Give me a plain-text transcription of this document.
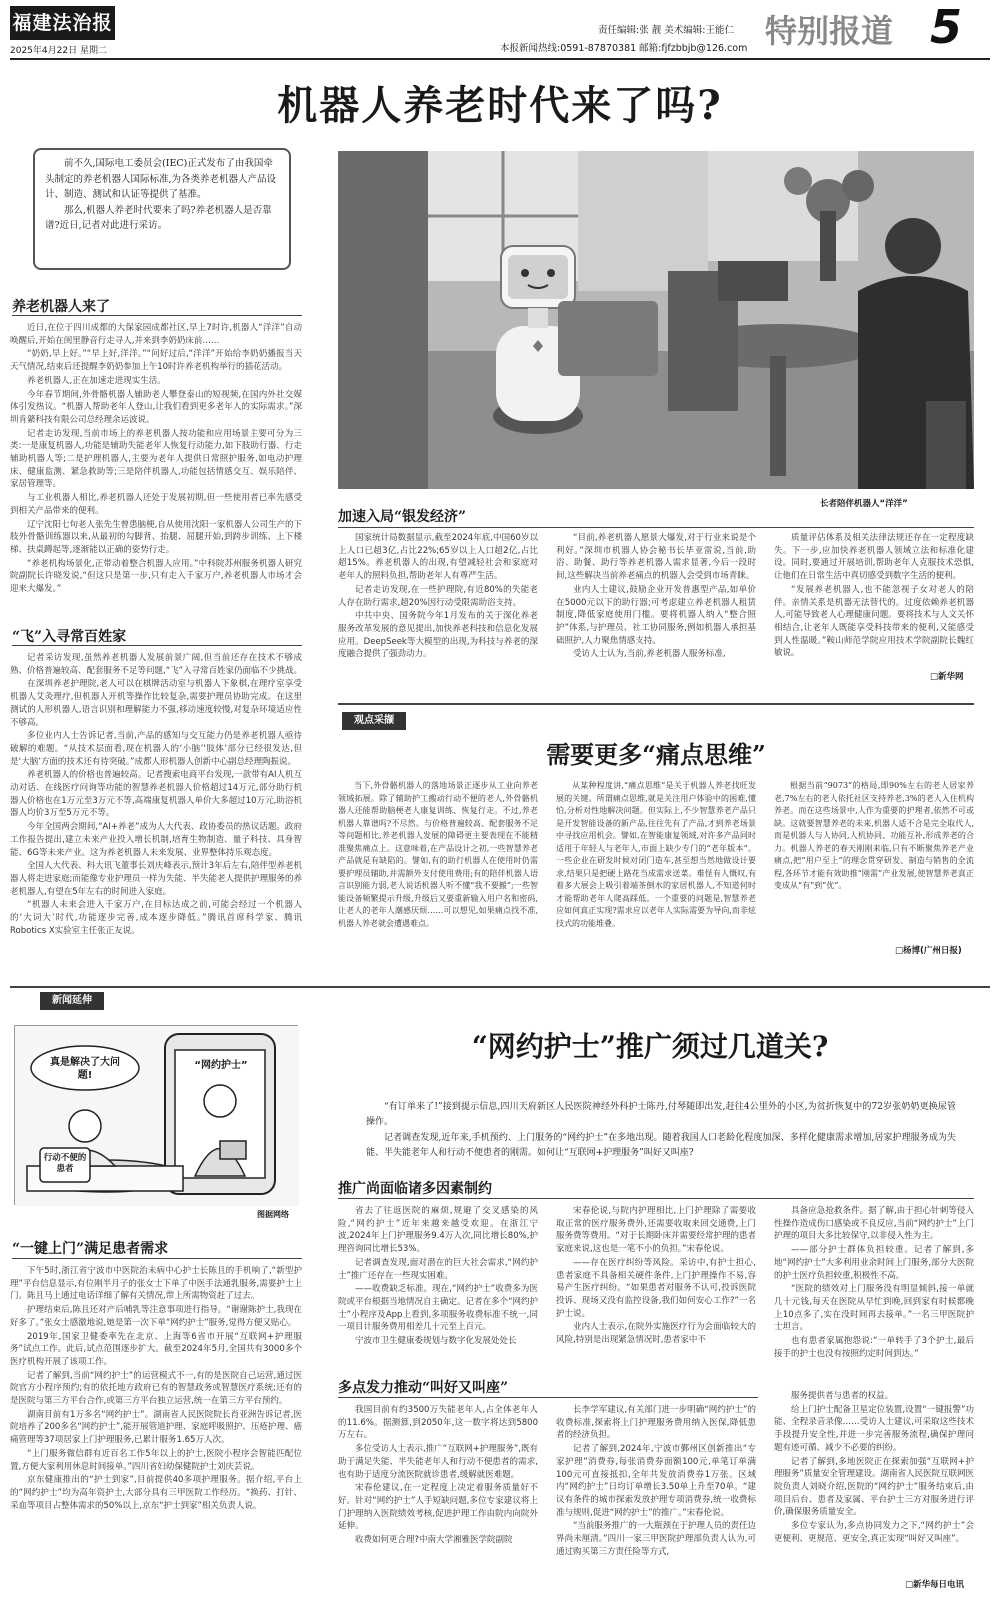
福建法治报
2025年4月22日 星期二
责任编辑:张 靓 美术编辑:王能仁
本报新闻热线:0591-87870381 邮箱:fjfzbbjb@126.com 特别报道 5
机器人养老时代来了吗?

前不久,国际电工委员会(IEC)正式发布了由我国牵头制定的养老机器人国际标准,为各类养老机器人产品设计、制造、测试和认证等提供了基准。

那么,机器人养老时代要来了吗?养老机器人是否靠谱?近日,记者对此进行采访。

长者陪伴机器人“洋洋”
养老机器人来了

近日,在位于四川成都的大保家园成都社区,早上7时许,机器人“洋洋”自动唤醒后,开始在闺里静音行走寻人,并来到李奶奶床前……

“奶奶,早上好。”“早上好,洋洋。”“问好过后,“洋洋”开始给李奶奶播报当天天气情况,结束后还提醒李奶奶参加上午10时许养老机构举行的插花活动。

养老机器人,正在加速走进现实生活。

今年春节期间,外骨骼机器人辅助老人攀登泰山的短视频,在国内外社交媒体引发热议。“机器人帮助老年人登山,让我们看到更多老年人的实际需求。”深圳肯綮科技有限公司总经理余运波说。

记者走访发现,当前市场上的养老机器人按功能和应用场景主要可分为三类:一是康复机器人,功能是辅助失能老年人恢复行动能力,如下肢助行器、行走辅助机器人等;二是护理机器人,主要为老年人提供日常照护服务,如电动护理床、健康监测、紧急救助等;三是陪伴机器人,功能包括情感交互、娱乐陪伴、家居管理等。

与工业机器人相比,养老机器人还处于发展初期,但一些使用者已率先感受到相关产品带来的便利。

辽宁沈阳七旬老人张先生曾患脑梗,自从使用沈阳一家机器人公司生产的下肢外骨骼训练器以来,从最初的勾脚背、抬腿、屈腿开始,到跨步训练、上下楼梯、扶桌蹲起等,逐渐能以正确的姿势行走。

“养老机构场景化,正带动着整合机器人应用。”中科院苏州服务机器人研究院副院长许晓发说,“但这只是第一步,只有走入千家万户,养老机器人市场才会迎来大爆发。”

“飞”入寻常百姓家

记者采访发现,虽然养老机器人发展前景广阔,但当前还存在技术不够成熟、价格普遍较高、配套服务不足等问题,“飞”入寻常百姓家仍面临不少挑战。

在深圳养老护理院,老人可以在棋牌活动室与机器人下象棋,在理疗室享受机器人艾灸理疗,但机器人开机等操作比较复杂,需要护理员协助完成。在这里测试的人形机器人,语言识别和理解能力不强,移动速度较慢,对复杂环境适应性不够高。

多位业内人士告诉记者,当前,产品的感知与交互能力仍是养老机器人亟待破解的难题。“从技术层面看,现在机器人的‘小脑’‘肢体’部分已经很发达,但是‘大脑’方面的技术还有待突破。”成都人形机器人创新中心副总经理陶振说。

养老机器人的价格也普遍较高。记者搜索电商平台发现,一款带有AI人机互动对话、在线医疗问询等功能的智慧养老机器人价格超过14万元,部分助行机器人价格也在1万元至3万元不等,高端康复机器人单价大多超过10万元,助浴机器人均价3万至5万元不等。

今年全国两会期间,“AI+养老”成为人大代表、政协委员的热议话题。政府工作报告提出,建立未来产业投入增长机制,培育生物制造、量子科技、具身智能、6G等未来产业。这为养老机器人未来发展、业界整体持乐观态度。

全国人大代表、科大讯飞董事长刘庆峰表示,预计3年后左右,陪伴型养老机器人将走进家庭;而能像专业护理员一样为失能、半失能老人提供护理服务的养老机器人,有望在5年左右的时间进入家庭。

“机器人未来会进入千家万户,在目标达成之前,可能会经过一个机器人的‘大词大’时代,功能逐步完善,成本逐步降低。”腾讯首席科学家、腾讯Robotics X实验室主任张正友说。

加速入局“银发经济”

国家统计局数据显示,截至2024年底,中国60岁以上人口已超3亿,占比22%;65岁以上人口超2亿,占比超15%。养老机器人的出现,有望减轻社会和家庭对老年人的照料负担,帮助老年人有尊严生活。

记者走访发现,在一些护理院,有近80%的失能老人存在助行需求,超20%因行动受限需助浴支持。

中共中央、国务院今年1月发布的关于深化养老服务改革发展的意见提出,加快养老科技和信息化发展应用。DeepSeek等大模型的出现,为科技与养老的深度融合提供了强劲动力。

“目前,养老机器人愿景大爆发,对于行业来说是个利好。”深圳市机器人协会秘书长毕亚雷说,当前,助浴、助餐、助行等养老机器人需求显著,今后一段时间,这些解决当前养老痛点的机器人会受到市场青睐。

业内人士建议,鼓励企业开发普惠型产品,如单价在5000元以下的助行器;可考虑建立养老机器人租赁制度,降低家庭使用门槛。要将机器人纳入“整合照护”体系,与护理员、社工协同服务,例如机器人承担基础照护,人力聚焦情感支持。

受访人士认为,当前,养老机器人服务标准,

质量评估体系及相关法律法规还存在一定程度缺失。下一步,应加快养老机器人领域立法和标准化建设。同时,要通过开展培训,帮助老年人克服技术恐惧,让他们在日常生活中真切感受到数字生活的便利。

“发展养老机器人,也不能忽视子女对老人的陪伴。亲情关系是机器无法替代的。过度依赖养老机器人,可能导致老人心理健康问题。要将技术与人文关怀相结合,让老年人既能享受科技带来的便利,又能感受到人性温暖。”鞍山师范学院应用技术学院副院长魏红敏说。

□新华网
观点采撷
需要更多“痛点思维”

当下,外骨骼机器人的落地场景正逐步从工业向养老领域拓展。除了辅助护工搬动行动不便的老人,外骨骼机器人还能帮助脑梗老人康复训练、恢复行走。不过,养老机器人靠谱吗?不尽然。与价格普遍较高、配套服务不足等问题相比,养老机器人发展的障碍更主要表现在不能精准聚焦痛点上。这意味着,在产品设计之初,一些智慧养老产品就是有缺陷的。譬如,有的助行机器人在使用时仍需要护理员辅助,并需额外支付使用费用;有的陪伴机器人语言识别能力弱,老人说话机器人听不懂“我不要搬”;一些智能设备频繁提示升级,升级后又要重新输入用户名和密码,让老人的老年人潮感厌烦……可以想见,如果痛点找不准,机器人养老就会遭遇难点。

从某种程度讲,“痛点思维”是关于机器人养老找旺发展的关键。所谓痛点思维,就是关注用户体验中的困难,懂怕,分析对性地解决问题。但实际上,不少智慧养老产品只是开发智能设备的新产品,往往先有了产品,才到养老场景中寻找应用机会。譬如,在智能康复领域,对许多产品同时适用于年轻人与老年人,市面上缺少专门的“老年版本”。一些企业在研发时候对闭门造车,甚至想当然地做设计要求,结果只是把硬上路花当成需求送菜。难怪有人慨叹,有着多大展会上吸引着端茶倒水的家居机器人,不知道何时才能帮助老年人爬高踩低。一个重要的问题是,智慧养老应如何真正实现?需求应以老年人实际需要为导向,而非炫技式的功能堆叠。

根据当前“9073”的格局,即90%左右的老人居家养老,7%左右的老人依托社区支持养老,3%的老人入住机构养老。而在这些场景中,人作为重要的护理者,依然不可或缺。这就要智慧养老的未来,机器人适不合是完全取代人,而是机器人与人协同,人机协同、功能互补,形成养老的合力。机器人养老的春天刚刚来临,只有不断聚焦养老产业痛点,把“用户至上”的理念贯穿研发、制造与销售的全流程,各环节才能有效助推“刚需”产业发展,使智慧养老真正变成从“有”到“优”。

□杨博(广州日报)
新闻延伸
真是解决了大问题!
“网约护士”
行动不便的患者
图据网络
“网约护士”推广须过几道关?

“有订单来了!”接到提示信息,四川天府新区人民医院神经外科护士陈丹,付琴随即出发,赶往4公里外的小区,为贫折恢复中的72岁张奶奶更换尿管操作。

记者调查发现,近年来,手机预约、上门服务的“网约护士”在多地出现。随着我国人口老龄化程度加深、多样化健康需求增加,居家护理服务成为失能、半失能老年人和行动不便患者的刚需。如何让“互联网+护理服务”叫好又叫座?

“一键上门”满足患者需求

下午5时,浙江省宁波市中医院治未病中心护士长陈且的手机响了,“新型护理”平台信息显示,有位刚半月子的张女士下单了中医手法通乳服务,需要护士上门。陈且马上通过电话详细了解有关情况,带上所需物资赶了过去。

护理结束后,陈且还对产后哺乳等注意事项进行指导。“谢谢陈护士,我现在好多了。”张女士感激地说,她是第一次下单“网约护士”服务,觉得方便又贴心。

2019年,国家卫健委率先在北京、上海等6省市开展“互联网+护理服务”试点工作。此后,试点范围逐步扩大。截至2024年5月,全国共有3000多个医疗机构开展了该项工作。

记者了解到,当前“网约护士”的运营模式不一,有的是医院自己运营,通过医院官方小程序预约;有的依托地方政府已有的智慧政务或智慧医疗系统;还有的是医院与第三方平台合作,或第三方平台独立运营,统一在第三方平台预约。

湖南目前有1万多名“网约护士”。湖南省人民医院院长肖亚洲告诉记者,医院培养了200多名“网约护士”,能开展管道护理、家庭呼吸照护、压疮护理、癌痛管理等37项居家上门护理服务,已累计服务1.65万人次。

“上门服务微信群有近百名工作5年以上的护士,医院小程序会智能匹配位置,方便大家利用休息时间接单。”四川省妇幼保健院护士刘庆芸说。

京东健康推出的“护士到家”,目前提供40多项护理服务。据介绍,平台上的“网约护士”均为高年资护士,大部分具有三甲医院工作经历。“换药、打针、采血等项目占整体需求的50%以上,京东“护士到家”相关负责人说。

推广尚面临诸多因素制约

省去了往返医院的麻烦,规避了交叉感染的风险,“网约护士”近年来越来越受欢迎。在浙江宁波,2024年上门护理服务9.4万人次,同比增长80%,护理咨询同比增长53%。

记者调查发现,面对潜在的巨大社会需求,“网约护士”推广还存在一些现实困难。

——收费缺乏标准。现在,“网约护士”收费多为医院或平台根据当地情况自主确定。记者在多个“网约护士”小程序及App上看到,多项服务收费标准不统一,同一项目计服务费用相差几十元至上百元。

宁波市卫生健康委规划与数字化发展处处长

宋春伦说,与院内护理相比,上门护理除了需要收取正常的医疗服务费外,还需要收取来回交通费,上门服务费等费用。“对于长期卧床并需要经常护理的患者家庭来说,这也是一笔不小的负担。”宋春伦说。

——存在医疗纠纷等风险。采访中,有护士担心,患者家庭不具备相关硬件条件,上门护理操作不易,容易产生医疗纠纷。“如果患者对服务不认可,投诉医院投诉、现场又没有监控设备,我们如何安心工作?”一名护士说。

业内人士表示,在院外实施医疗行为会面临较大的风险,特别是出现紧急情况时,患者家中不

具备应急抢救条件。据了解,由于担心针刺等侵入性操作造成伤口感染或不良反应,当前“网约护士”上门护理的项目大多比较保守,以非侵入性为主。

——部分护士群体负担较重。记者了解到,多地“网约护士”大多利用业余时间上门服务,部分大医院的护士医疗负担较重,积极性不高。

“医院的绩效对上门服务没有明显倾斜,接一单就几十元钱,每天在医院从早忙到晚,回到家有时候都晚上10点多了,实在没时间再去接单。”一名三甲医院护士坦言。

也有患者家属抱怨说:“一单转手了3个护士,最后接手的护士也没有按照约定时间到达。”

多点发力推动“叫好又叫座”

我国目前有约3500万失能老年人,占全体老年人的11.6%。据测算,到2050年,这一数字将达到5800万左右。

多位受访人士表示,推广“互联网+护理服务”,既有助于满足失能、半失能老年人和行动不便患者的需求,也有助于适度分流医院就诊患者,缓解就医难题。

宋春伦建议,在一定程度上决定着服务质量好不好。针对“网约护士”人手短缺问题,多位专家建议将上门护理纳入医院绩效考核,促进护理工作由院内向院外延伸。

收费如何更合理?中南大学湘雅医学院副院

长李学军建议,有关部门进一步明确“网约护士”的收费标准,探索将上门护理服务费用纳入医保,降低患者的经济负担。

记者了解到,2024年,宁波市鄞州区创新推出“专家护理”消费券,每张消费券面额100元,单笔订单满100元可直接抵扣,全年共发放消费券1万张。区域内“网约护士”日均订单增长3.50单上升至70单。“建议有条件的城市探索发放护理专项消费券,统一收费标准与规则,促进“网约护士”的推广。”宋春伦说。

“当前服务推广的一大瓶颈在于护理人员的责任边界尚未厘清。”四川一家三甲医院护理部负责人认为,可通过购买第三方责任险等方式,

服务提供者与患者的权益。

给上门护士配备卫星定位装置,设置“一键报警”功能、全程录音录像……受访人士建议,可采取这些技术手段提升安全性,并进一步完善服务流程,确保护理问题有迹可循、减少不必要的纠纷。

记者了解到,多地医院正在探索加强“互联网+护理服务”质量安全管理建设。湖南省人民医院互联网医院负责人刘晓介绍,医院的“网约护士”服务结束后,由项目后台、患者及家属、平台护士三方对服务进行评价,确保服务质量安全。

多位专家认为,多点协同发力之下,“网约护士”会更便利、更规范、更安全,真正实现“叫好又叫座”。

□新华每日电讯
